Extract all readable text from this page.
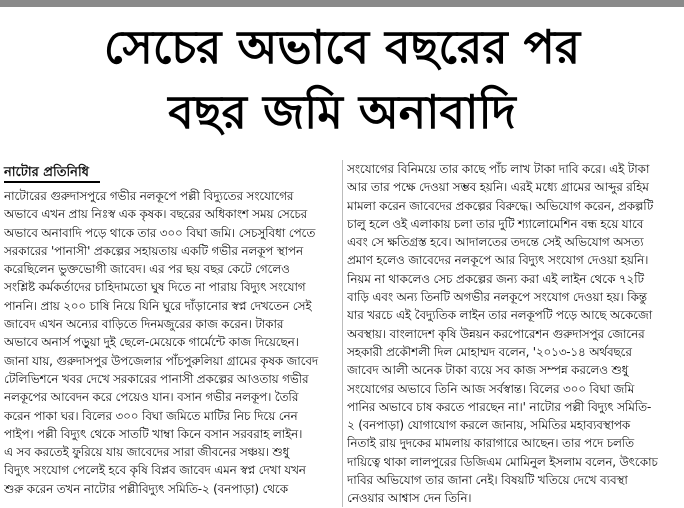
সেচের অভাবে বছরের পর
বছর জমি অনাবাদি
নাটোর প্রতিনিধি
নাটোরের গুরুদাসপুরে গভীর নলকূপে পল্লী বিদ্যুতের সংযোগের
অভাবে এখন প্রায় নিঃস্ব এক কৃষক। বছরের অধিকাংশ সময় সেচের
অভাবে অনাবাদি পড়ে থাকে তার ৩০০ বিঘা জমি। সেচসুবিধা পেতে
সরকারের 'পানাসী' প্রকল্পের সহায়তায় একটি গভীর নলকূপ স্থাপন
করেছিলেন ভুক্তভোগী জাবেদ। এর পর ছয় বছর কেটে গেলেও
সংশ্লিষ্ট কর্মকর্তাদের চাহিদামতো ঘুষ দিতে না পারায় বিদ্যুৎ সংযোগ
পাননি। প্রায় ২০০ চাষি নিয়ে যিনি ঘুরে দাঁড়ানোর স্বপ্ন দেখতেন সেই
জাবেদ এখন অন্যের বাড়িতে দিনমজুরের কাজ করেন। টাকার
অভাবে অনার্স পড়ুয়া দুই ছেলে-মেয়েকে গার্মেন্টে কাজ দিয়েছেন।
জানা যায়, গুরুদাসপুর উপজেলার পাঁচপুরুলিয়া গ্রামের কৃষক জাবেদ
টেলিভিশনে খবর দেখে সরকারের পানাসী প্রকল্পের আওতায় গভীর
নলকূপের আবেদন করে পেয়েও যান। বসান গভীর নলকূপ। তৈরি
করেন পাকা ঘর। বিলের ৩০০ বিঘা জমিতে মাটির নিচ দিয়ে নেন
পাইপ। পল্লী বিদ্যুৎ থেকে সাতটি খাম্বা কিনে বসান সরবরাহ লাইন।
এ সব করতেই ফুরিয়ে যায় জাবেদের সারা জীবনের সঞ্চয়। শুধু
বিদ্যুৎ সংযোগ পেলেই হবে কৃষি বিপ্লব জাবেদ এমন স্বপ্ন দেখা যখন
শুরু করেন তখন নাটোর পল্লীবিদ্যুৎ সমিতি-২ (বনপাড়া) থেকে
সংযোগের বিনিময়ে তার কাছে পাঁচ লাখ টাকা দাবি করে। এই টাকা
আর তার পক্ষে দেওয়া সম্ভব হয়নি। এরই মধ্যে গ্রামের আব্দুর রহিম
মামলা করেন জাবেদের প্রকল্পের বিরুদ্ধে। অভিযোগ করেন, প্রকল্পটি
চালু হলে ওই এলাকায় চলা তার দুটি শ্যালোমেশিন বন্ধ হয়ে যাবে
এবং সে ক্ষতিগ্রস্ত হবে। আদালতের তদন্তে সেই অভিযোগ অসত্য
প্রমাণ হলেও জাবেদের নলকূপে আর বিদ্যুৎ সংযোগ দেওয়া হয়নি।
নিয়ম না থাকলেও সেচ প্রকল্পের জন্য করা এই লাইন থেকে ৭২টি
বাড়ি এবং অন্য তিনটি অগভীর নলকূপে সংযোগ দেওয়া হয়। কিন্তু
যার খরচে এই বৈদ্যুতিক লাইন তার নলকূপটি পড়ে আছে অকেজো
অবস্থায়। বাংলাদেশ কৃষি উন্নয়ন করপোরেশন গুরুদাসপুর জোনের
সহকারী প্রকৌশলী দিল মোহাম্মদ বলেন, '২০১৩-১৪ অর্থবছরে
জাবেদ আলী অনেক টাকা ব্যয়ে সব কাজ সম্পন্ন করলেও শুধু
সংযোগের অভাবে তিনি আজ সর্বস্বান্ত। বিলের ৩০০ বিঘা জমি
পানির অভাবে চাষ করতে পারছেন না।' নাটোর পল্লী বিদ্যুৎ সমিতি-
২ (বনপাড়া) যোগাযোগ করলে জানায়, সমিতির মহাব্যবস্থাপক
নিতাই রায় দুদকের মামলায় কারাগারে আছেন। তার পদে চলতি
দায়িত্বে থাকা লালপুরের ডিজিএম মোমিনুল ইসলাম বলেন, উৎকোচ
দাবির অভিযোগ তার জানা নেই। বিষয়টি খতিয়ে দেখে ব্যবস্থা
নেওয়ার আশ্বাস দেন তিনি।
